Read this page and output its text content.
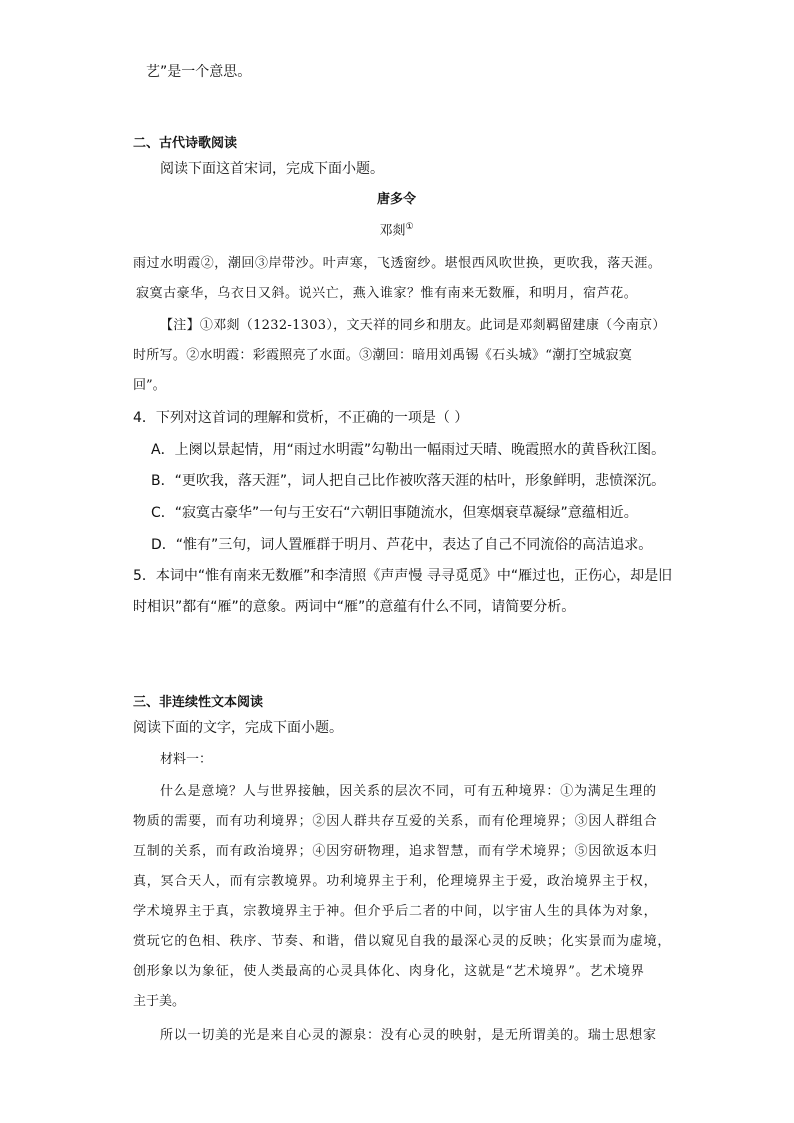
艺”是一个意思。
二、古代诗歌阅读
阅读下面这首宋词，完成下面小题。
唐多令
邓剡①
雨过水明霞②，潮回③岸带沙。叶声寒，飞透窗纱。堪恨西风吹世换，更吹我，落天涯。
寂寞古豪华，乌衣日又斜。说兴亡，燕入谁家？惟有南来无数雁，和明月，宿芦花。
【注】①邓剡（1232-1303），文天祥的同乡和朋友。此词是邓剡羁留建康（今南京）
时所写。②水明霞：彩霞照亮了水面。③潮回：暗用刘禹锡《石头城》“潮打空城寂寞
回”。
4．下列对这首词的理解和赏析，不正确的一项是（ ）
A．上阕以景起情，用“雨过水明霞”勾勒出一幅雨过天晴、晚霞照水的黄昏秋江图。
B．“更吹我，落天涯”，词人把自己比作被吹落天涯的枯叶，形象鲜明，悲愤深沉。
C．“寂寞古豪华”一句与王安石“六朝旧事随流水，但寒烟衰草凝绿”意蕴相近。
D．“惟有”三句，词人置雁群于明月、芦花中，表达了自己不同流俗的高洁追求。
5．本词中“惟有南来无数雁”和李清照《声声慢 寻寻觅觅》中“雁过也，正伤心，却是旧
时相识”都有“雁”的意象。两词中“雁”的意蕴有什么不同，请简要分析。
三、非连续性文本阅读
阅读下面的文字，完成下面小题。
材料一：
什么是意境？人与世界接触，因关系的层次不同，可有五种境界：①为满足生理的
物质的需要，而有功利境界；②因人群共存互爱的关系，而有伦理境界；③因人群组合
互制的关系，而有政治境界；④因穷研物理，追求智慧，而有学术境界；⑤因欲返本归
真，冥合天人，而有宗教境界。功利境界主于利，伦理境界主于爱，政治境界主于权，
学术境界主于真，宗教境界主于神。但介乎后二者的中间，以宇宙人生的具体为对象，
赏玩它的色相、秩序、节奏、和谐，借以窥见自我的最深心灵的反映；化实景而为虚境，
创形象以为象征，使人类最高的心灵具体化、肉身化，这就是“艺术境界”。艺术境界
主于美。
所以一切美的光是来自心灵的源泉：没有心灵的映射，是无所谓美的。瑞士思想家
